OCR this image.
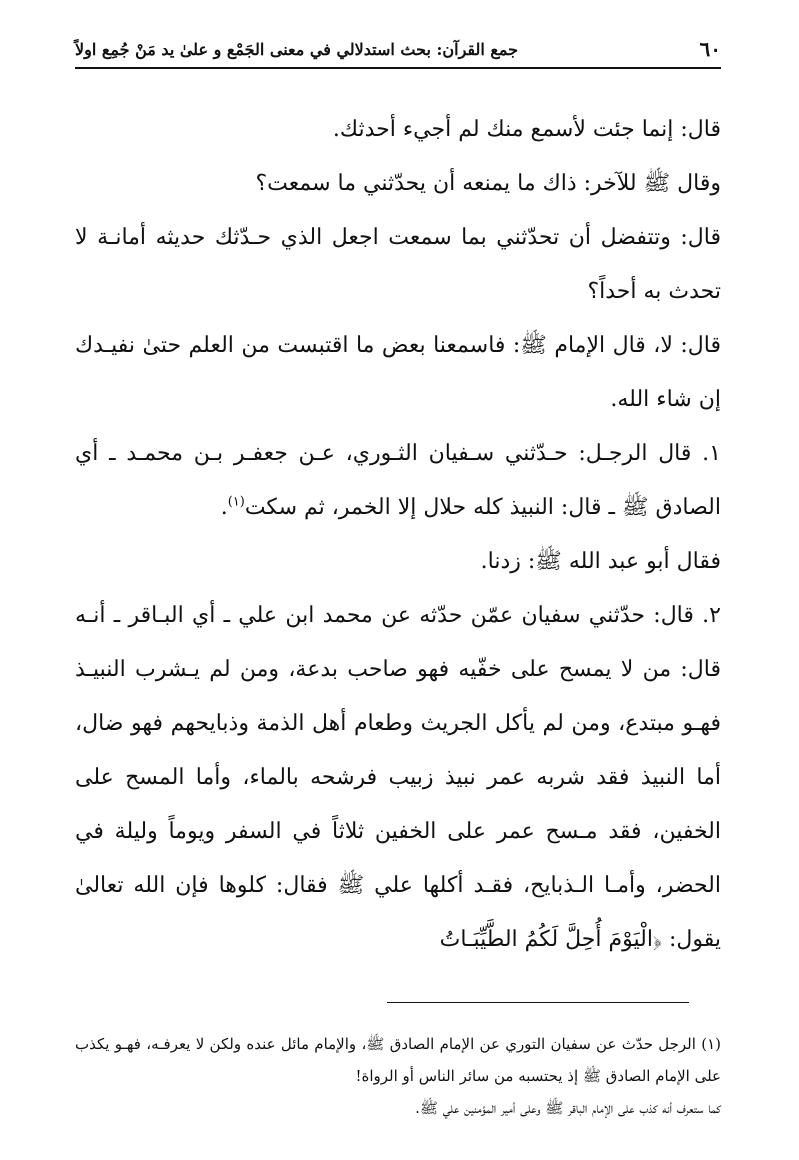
٦٠
جمع القرآن: بحث استدلالي في معنى الجَمْع و علىٰ يد مَنْ جُمِع اولاً

قال: إنما جئت لأسمع منك لم أجيء أحدثك.

وقال ﷺ للآخر: ذاك ما يمنعه أن يحدّثني ما سمعت؟

قال: وتتفضل أن تحدّثني بما سمعت اجعل الذي حـدّثك حديثه أمانـة لا تحدث به أحداً؟

قال: لا، قال الإمام ﷺ: فاسمعنا بعض ما اقتبست من العلم حتىٰ نفيـدك إن شاء الله.

١. قال الرجـل: حـدّثني سـفيان الثـوري، عـن جعفـر بـن محمـد ـ أي الصادق ﷺ ـ قال: النبيذ كله حلال إلا الخمر، ثم سكت$^{(١)}$.

فقال أبو عبد الله ﷺ: زدنا.

٢. قال: حدّثني سفيان عمّن حدّثه عن محمد ابن علي ـ أي البـاقر ـ أنـه قال: من لا يمسح على خفّيه فهو صاحب بدعة، ومن لم يـشرب النبيـذ فهـو مبتدع، ومن لم يأكل الجريث وطعام أهل الذمة وذبايحهم فهو ضال، أما النبيذ فقد شربه عمر نبيذ زبيب فرشحه بالماء، وأما المسح على الخفين، فقد مـسح عمر على الخفين ثلاثاً في السفر ويوماً وليلة في الحضر، وأمـا الـذبايح، فقـد أكلها علي ﷺ فقال: كلوها فإن الله تعالىٰ يقول: ﴿الْيَوْمَ أُحِلَّ لَكُمُ الطَّيِّبَـاتُ

(١) الرجل حدّث عن سفيان التوري عن الإمام الصادق ﷺ، والإمام مائل عنده ولكن لا يعرفـه، فهـو يكذب على الإمام الصادق ﷺ إذ يحتسبه من سائر الناس أو الرواة!

كما ستعرف أنه كذب على الإمام الباقر ﷺ وعلى أمير المؤمنين علي ﷺ.
